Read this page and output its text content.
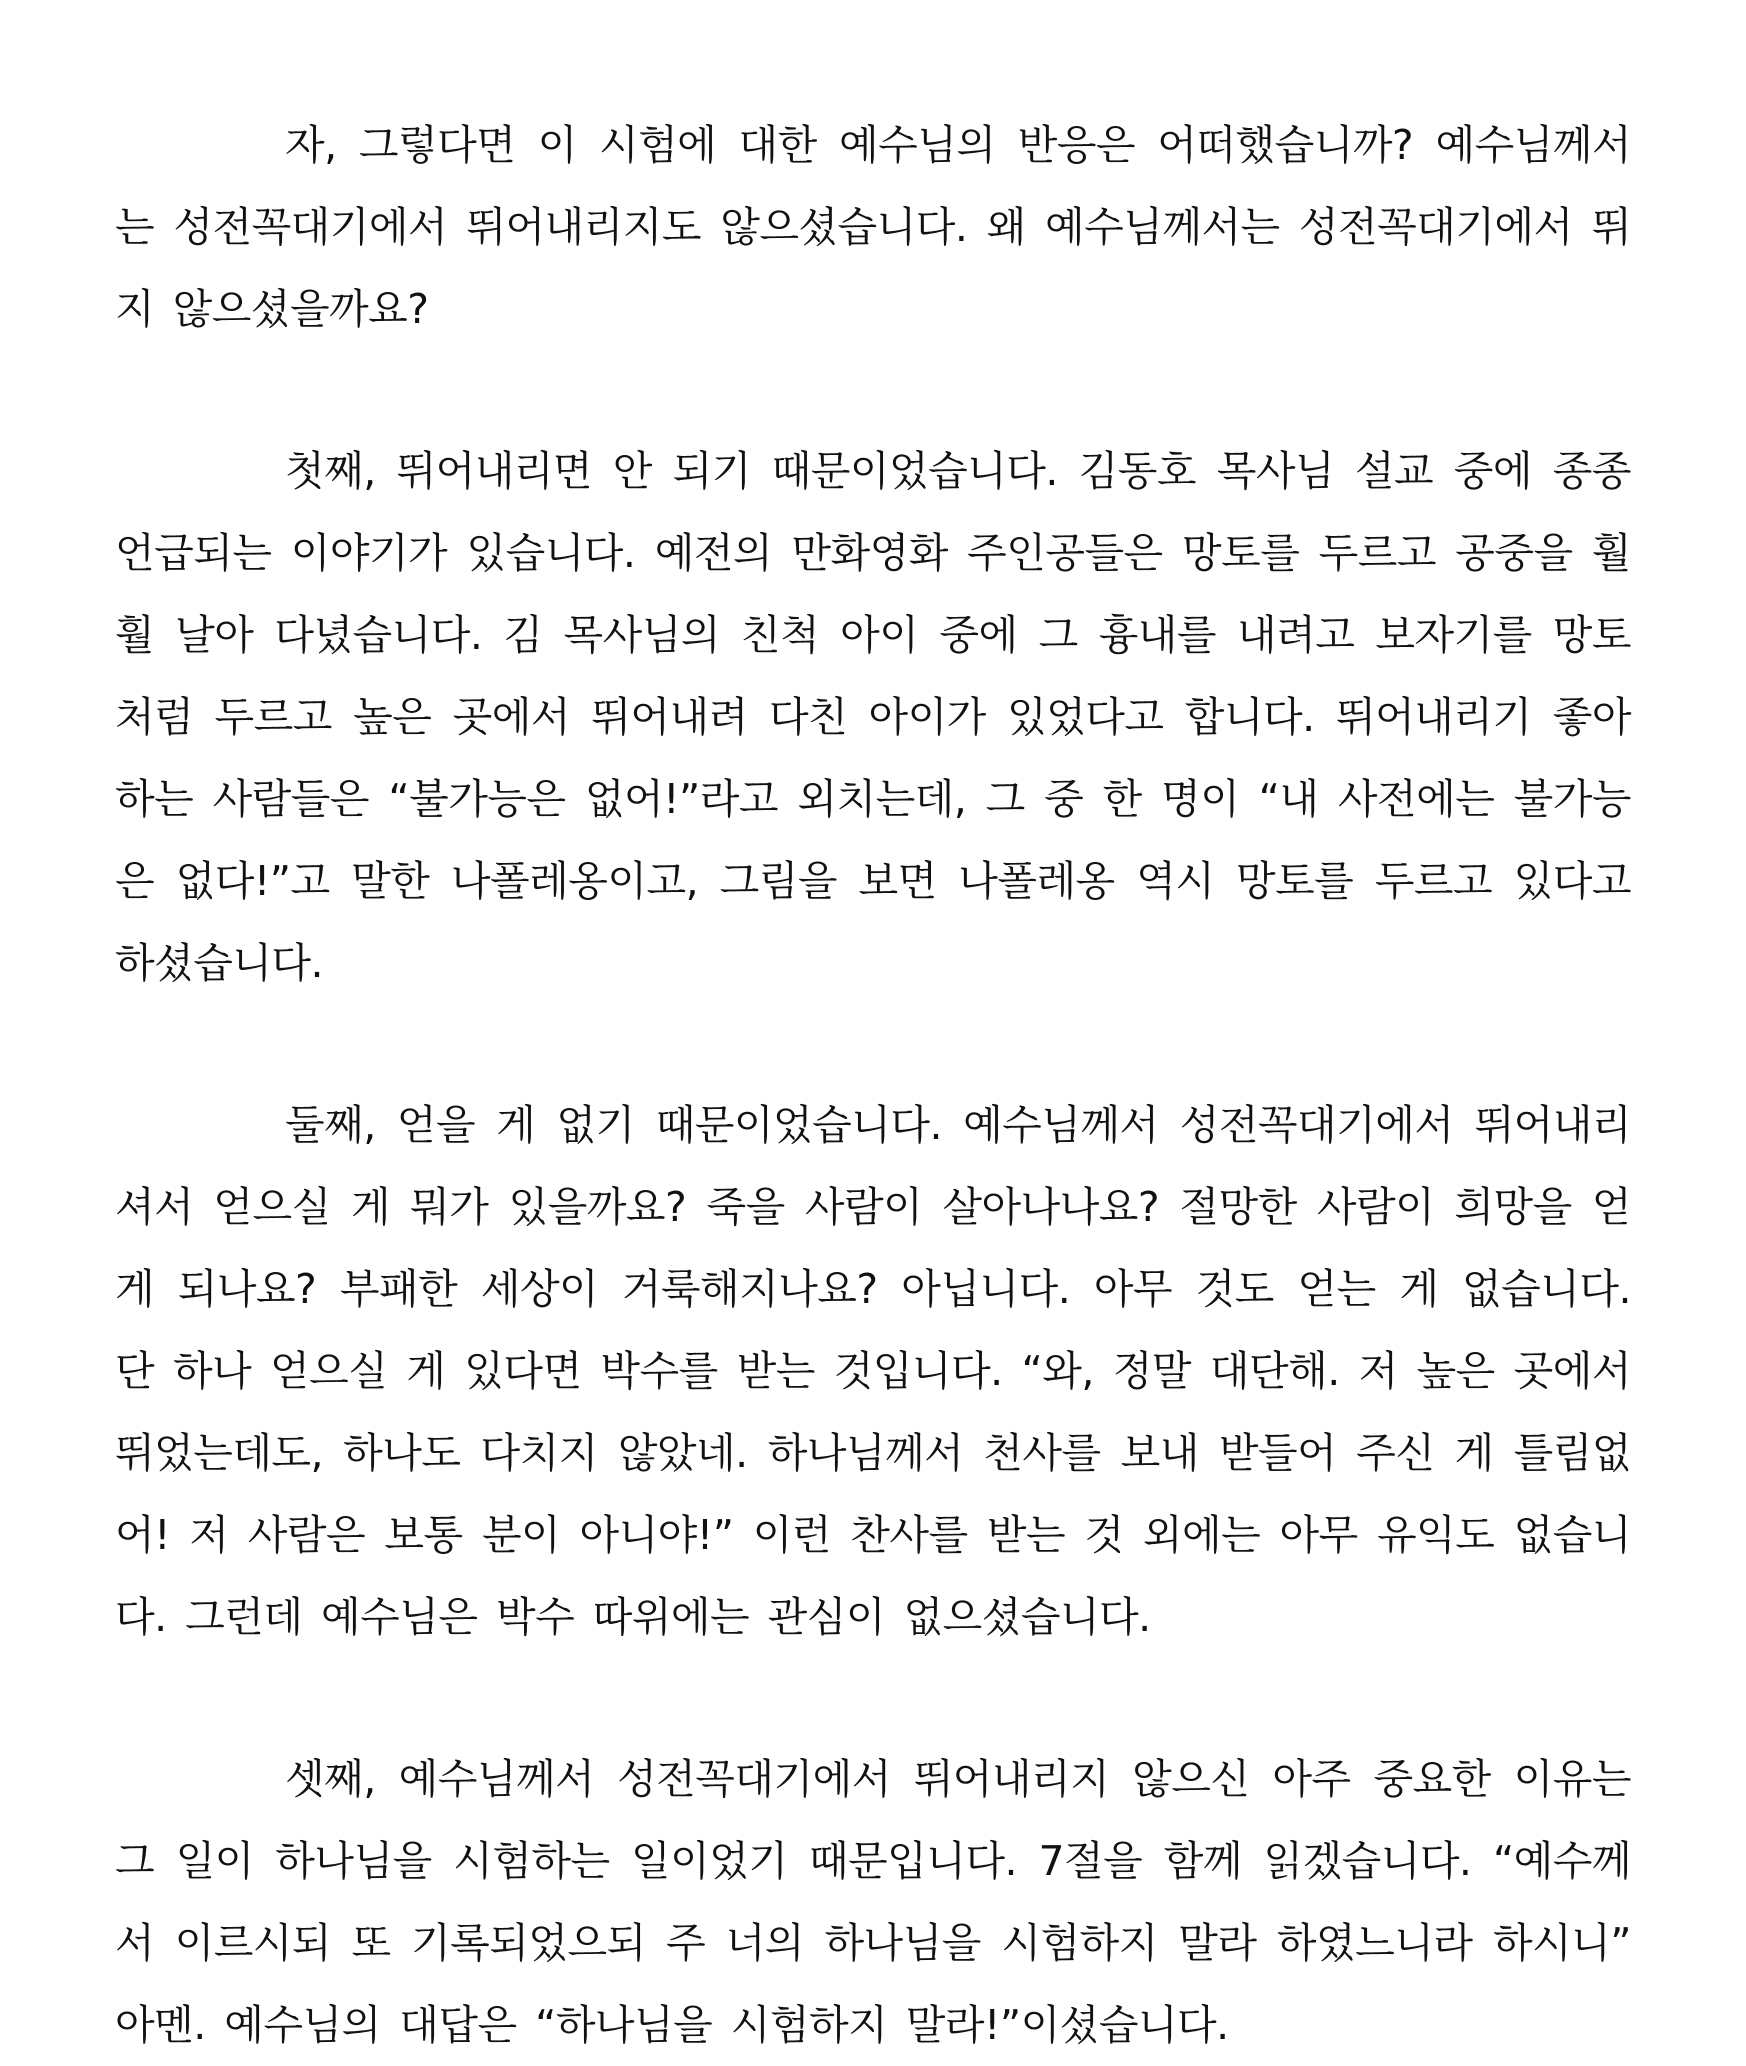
자, 그렇다면 이 시험에 대한 예수님의 반응은 어떠했습니까? 예수님께서는 성전꼭대기에서 뛰어내리지도 않으셨습니다. 왜 예수님께서는 성전꼭대기에서 뛰지 않으셨을까요?

첫째, 뛰어내리면 안 되기 때문이었습니다. 김동호 목사님 설교 중에 종종 언급되는 이야기가 있습니다. 예전의 만화영화 주인공들은 망토를 두르고 공중을 훨훨 날아 다녔습니다. 김 목사님의 친척 아이 중에 그 흉내를 내려고 보자기를 망토처럼 두르고 높은 곳에서 뛰어내려 다친 아이가 있었다고 합니다. 뛰어내리기 좋아하는 사람들은 “불가능은 없어!”라고 외치는데, 그 중 한 명이 “내 사전에는 불가능은 없다!”고 말한 나폴레옹이고, 그림을 보면 나폴레옹 역시 망토를 두르고 있다고 하셨습니다.

둘째, 얻을 게 없기 때문이었습니다. 예수님께서 성전꼭대기에서 뛰어내리셔서 얻으실 게 뭐가 있을까요? 죽을 사람이 살아나나요? 절망한 사람이 희망을 얻게 되나요? 부패한 세상이 거룩해지나요? 아닙니다. 아무 것도 얻는 게 없습니다. 단 하나 얻으실 게 있다면 박수를 받는 것입니다. “와, 정말 대단해. 저 높은 곳에서 뛰었는데도, 하나도 다치지 않았네. 하나님께서 천사를 보내 받들어 주신 게 틀림없어! 저 사람은 보통 분이 아니야!” 이런 찬사를 받는 것 외에는 아무 유익도 없습니다. 그런데 예수님은 박수 따위에는 관심이 없으셨습니다.

셋째, 예수님께서 성전꼭대기에서 뛰어내리지 않으신 아주 중요한 이유는 그 일이 하나님을 시험하는 일이었기 때문입니다. 7절을 함께 읽겠습니다. “예수께서 이르시되 또 기록되었으되 주 너의 하나님을 시험하지 말라 하였느니라 하시니” 아멘. 예수님의 대답은 “하나님을 시험하지 말라!”이셨습니다.
